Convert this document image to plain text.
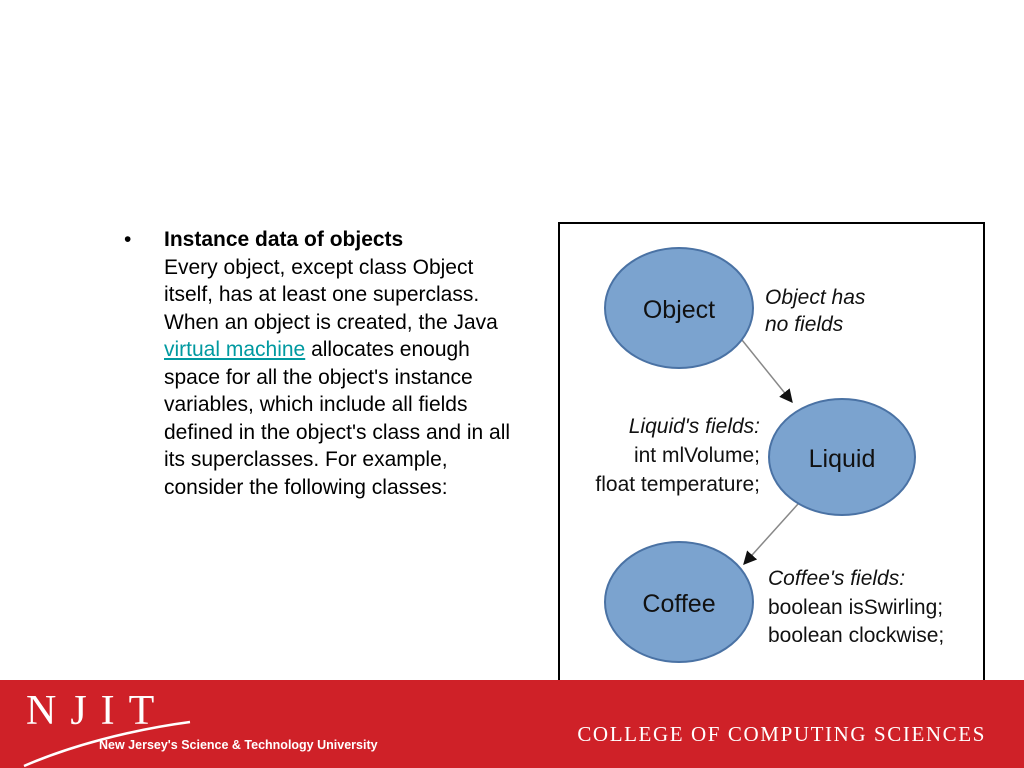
•	Instance data of objects
Every object, except class Object itself, has at least one superclass. When an object is created, the Java virtual machine allocates enough space for all the object's instance variables, which include all fields defined in the object's class and in all its superclasses. For example, consider the following classes:
Object
Liquid
Coffee
Object has
no fields
Liquid's fields:
int mlVolume;
float temperature;
Coffee's fields:
boolean isSwirling;
boolean clockwise;
NJIT
New Jersey's Science & Technology University	COLLEGE OF COMPUTING SCIENCES
